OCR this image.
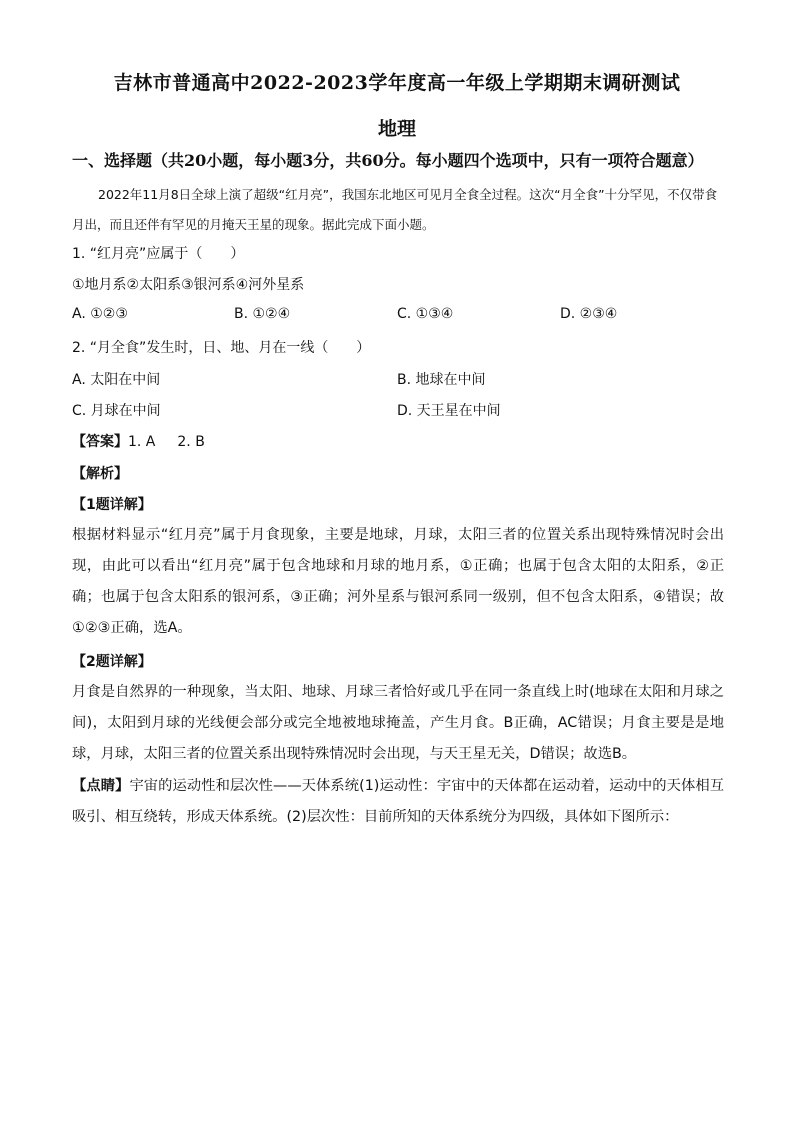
吉林市普通高中2022-2023学年度高一年级上学期期末调研测试
地理
一、选择题（共20小题，每小题3分，共60分。每小题四个选项中，只有一项符合题意）
2022年11月8日全球上演了超级“红月亮”，我国东北地区可见月全食全过程。这次“月全食”十分罕见，不仅带食月出，而且还伴有罕见的月掩天王星的现象。据此完成下面小题。
1. “红月亮”应属于（　　）
①地月系②太阳系③银河系④河外星系
A. ①②③	B. ①②④	C. ①③④	D. ②③④
2. “月全食”发生时，日、地、月在一线（　　）
A. 太阳在中间	B. 地球在中间
C. 月球在中间	D. 天王星在中间
【答案】1. A 2. B
【解析】
【1题详解】
根据材料显示“红月亮”属于月食现象，主要是地球，月球，太阳三者的位置关系出现特殊情况时会出现，由此可以看出“红月亮”属于包含地球和月球的地月系，①正确；也属于包含太阳的太阳系，②正确；也属于包含太阳系的银河系，③正确；河外星系与银河系同一级别，但不包含太阳系，④错误；故①②③正确，选A。
【2题详解】
月食是自然界的一种现象，当太阳、地球、月球三者恰好或几乎在同一条直线上时(地球在太阳和月球之间)，太阳到月球的光线便会部分或完全地被地球掩盖，产生月食。B正确，AC错误；月食主要是是地球，月球，太阳三者的位置关系出现特殊情况时会出现，与天王星无关，D错误；故选B。
【点睛】宇宙的运动性和层次性——天体系统(1)运动性：宇宙中的天体都在运动着，运动中的天体相互吸引、相互绕转，形成天体系统。(2)层次性：目前所知的天体系统分为四级，具体如下图所示：
